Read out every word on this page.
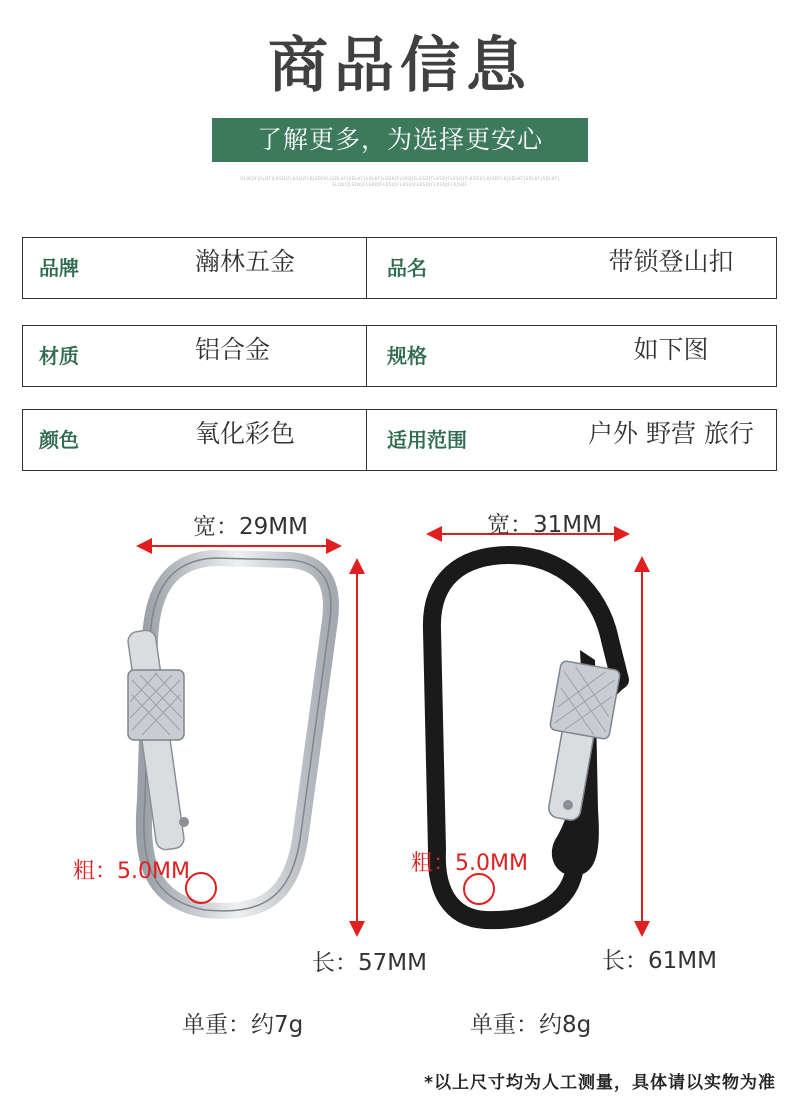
商品信息
了解更多，为选择更安心
ULJKDFJSLDFJLKSDJFLKSDJFLKJSDFKLJSDLKFJSDLKFJSDLKFJLSDKJFLSKDJFLKSDJFLKSDJFLKSDJFLKSDJFLKJSDFLKJSDLKFJSDLKFJSDLKFJSLDKFJLSDKJFLSKDJFLKSDJFLKSDJFLKSDJFLKSDJFLKJSDF
品牌	瀚林五金	品名	带锁登山扣
材质	铝合金	规格	如下图
颜色	氧化彩色	适用范围	户外 野营 旅行
宽：29MM	宽：31MM
粗：5.0MM	粗：5.0MM
长：57MM	长：61MM
单重：约7g	单重：约8g
*以上尺寸均为人工测量，具体请以实物为准
